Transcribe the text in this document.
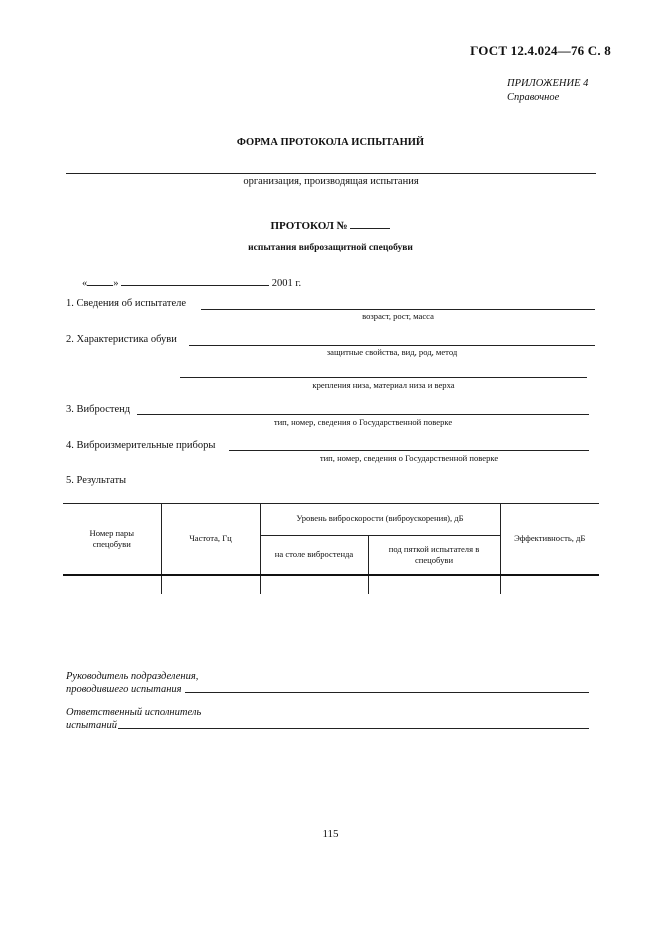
ГОСТ 12.4.024—76 С. 8
ПРИЛОЖЕНИЕ 4
Справочное
ФОРМА ПРОТОКОЛА ИСПЫТАНИЙ
организация, производящая испытания
ПРОТОКОЛ №
испытания виброзащитной спецобуви
« »	2001 г.
1. Сведения об испытателе
возраст, рост, масса
2. Характеристика обуви
защитные свойства, вид, род, метод
крепления низа, материал низа и верха
3. Вибростенд
тип, номер, сведения о Государственной поверке
4. Виброизмерительные приборы
тип, номер, сведения о Государственной поверке
5. Результаты
Номер пары спецобуви	Частота, Гц	Уровень виброскорости (виброускорения), дБ		Эффективность, дБ
		на столе вибростенда	под пяткой испытателя в спецобуви	

Руководитель подразделения,
проводившего испытания
Ответственный исполнитель
испытаний
115
